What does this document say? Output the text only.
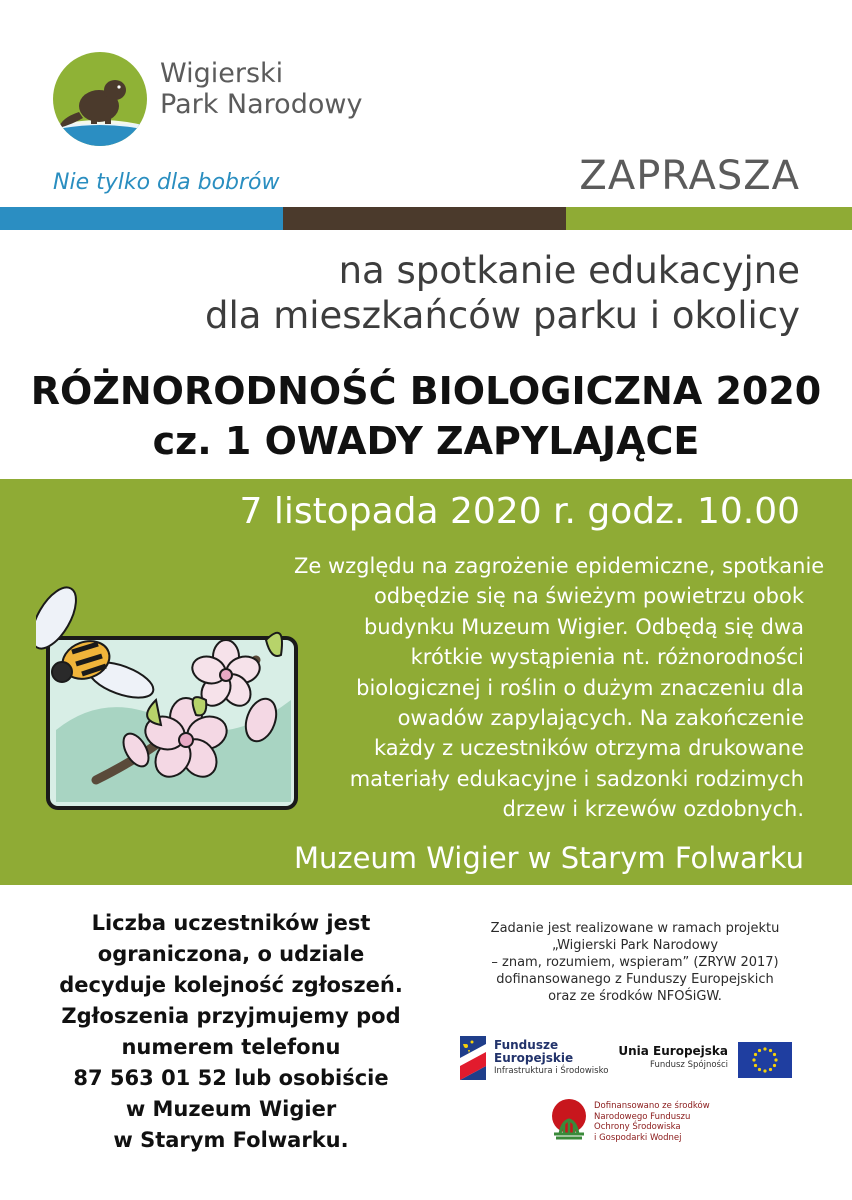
Wigierski
Park Narodowy
Nie tylko dla bobrów	ZAPRASZA
na spotkanie edukacyjne
dla mieszkańców parku i okolicy
RÓŻNORODNOŚĆ BIOLOGICZNA 2020
cz. 1 OWADY ZAPYLAJĄCE
7 listopada 2020 r. godz. 10.00
Ze względu na zagrożenie epidemiczne, spotkanie
odbędzie się na świeżym powietrzu obok
budynku Muzeum Wigier. Odbędą się dwa
krótkie wystąpienia nt. różnorodności
biologicznej i roślin o dużym znaczeniu dla
owadów zapylających. Na zakończenie
każdy z uczestników otrzyma drukowane
materiały edukacyjne i sadzonki rodzimych
drzew i krzewów ozdobnych.
Muzeum Wigier w Starym Folwarku
Liczba uczestników jest
ograniczona, o udziale
decyduje kolejność zgłoszeń.
Zgłoszenia przyjmujemy pod
numerem telefonu
87 563 01 52 lub osobiście
w Muzeum Wigier
w Starym Folwarku.
Zadanie jest realizowane w ramach projektu
„Wigierski Park Narodowy
– znam, rozumiem, wspieram” (ZRYW 2017)
dofinansowanego z Funduszy Europejskich
oraz ze środków NFOŚiGW.
Fundusze
Europejskie
Infrastruktura i Środowisko
Unia Europejska
Fundusz Spójności
Dofinansowano ze środków
Narodowego Funduszu
Ochrony Środowiska
i Gospodarki Wodnej
